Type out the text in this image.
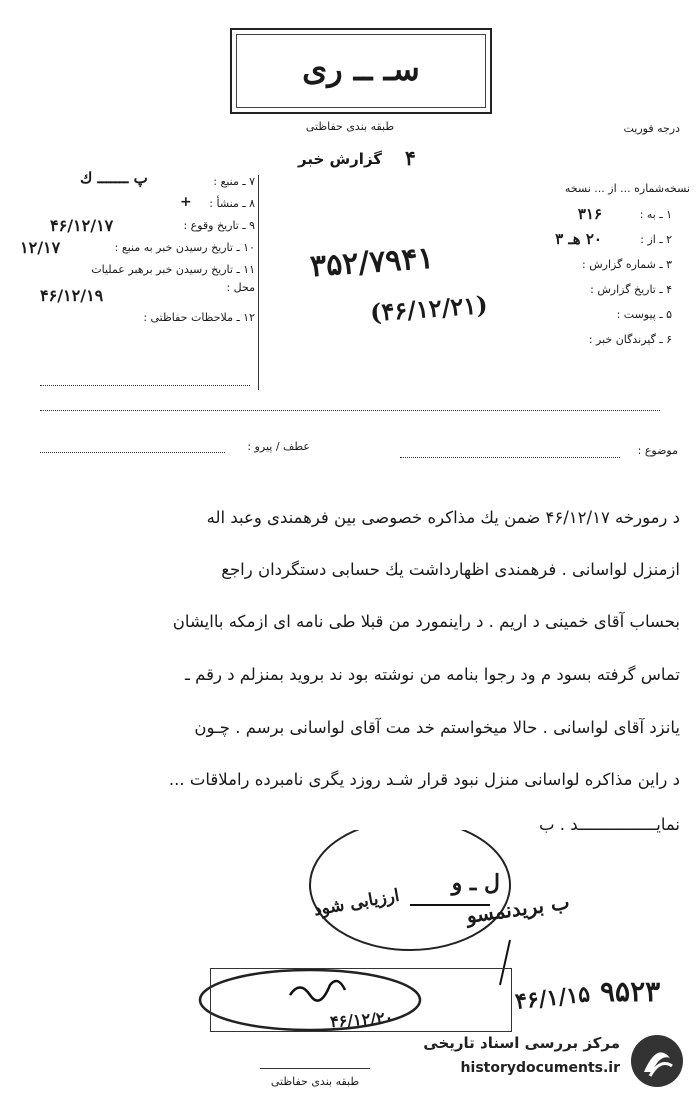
سـ ــ ری
طبقه بندی حفاظتی	درجه فوریت
گزارش خبر	۴
نسخه‌شماره ... از ... نسخه
۱ ـ به :
۳۱۶
۲ ـ از :
۲۰ هـ ۳
۳ ـ شماره گزارش :
۴ ـ تاریخ گزارش :
۵ ـ پیوست :
۶ ـ گیرندگان خبر :
۳۵۲/۷۹۴۱
(۴۶/۱۲/۲۱)
۷ ـ منبع :
پ ـــــــ ك
۸ ـ منشأ :
+
۹ ـ تاریخ وقوع :
۴۶/۱۲/۱۷
۱۰ ـ تاریخ رسیدن خبر به منبع :
۱۲/۱۷
۱۱ ـ تاریخ رسیدن خبر برهبر عملیات
محل :
۴۶/۱۲/۱۹
۱۲ ـ ملاحظات حفاظتی :
عطف / پیرو :	موضوع :
د رمورخه ۴۶/۱۲/۱۷ ضمن یك مذاکره خصوصی بین فرهمندی وعبد اله
ازمنزل لواسانی . فرهمندی اظهارداشت یك حسابی دستگردان راجع
بحساب آقای خمینی د اریم . د راینمورد من قبلا طی نامه ای ازمکه باایشان
تماس گرفته بسود م ود رجوا بنامه من نوشته بود ند بروید بمنزلم د رقم ـ
یانزد آقای لواسانی . حالا میخواستم خد مت آقای لواسانی برسم . چـون
د راین مذاکره لواسانی منزل نبود قرار شـد روزد یگری نامبرده راملاقات ...
نمایــــــــــــــــد . ب
ل ـ و
ب بریدنمسو
ارزیابی شود
۴۶/۱/۱۵ ۹۵۲۳
۴۶/۱۲/۲۰
طبقه بندی حفاظتی
مرکز بررسی اسناد تاریخی
historydocuments.ir
